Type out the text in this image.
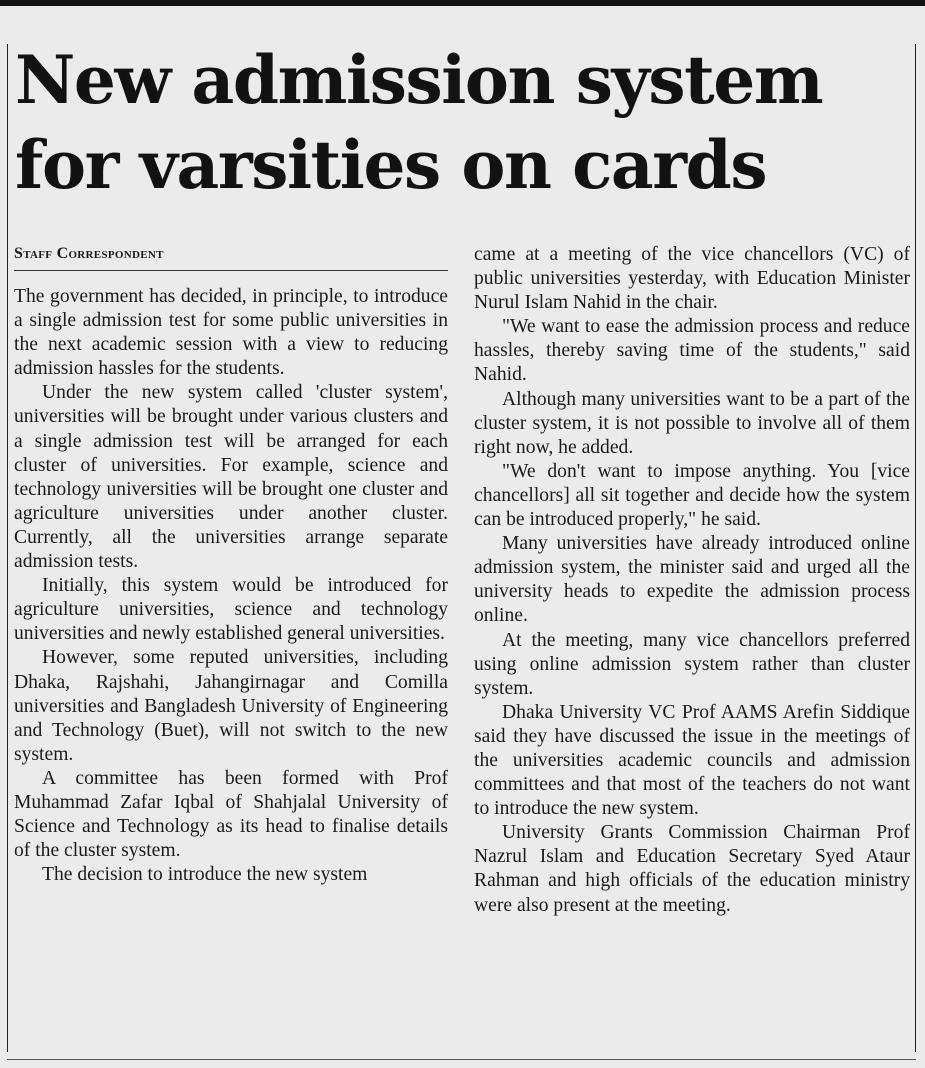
New admission system for varsities on cards
Staff Correspondent

The government has decided, in principle, to introduce a single admission test for some public universities in the next academic session with a view to reducing admission hassles for the students.

Under the new system called 'cluster system', universities will be brought under various clusters and a single admission test will be arranged for each cluster of universities. For example, science and technology universities will be brought one cluster and agriculture universities under another cluster. Currently, all the universities arrange separate admission tests.

Initially, this system would be introduced for agriculture universities, science and technology universities and newly established general universities.

However, some reputed universities, including Dhaka, Rajshahi, Jahangirnagar and Comilla universities and Bangladesh University of Engineering and Technology (Buet), will not switch to the new system.

A committee has been formed with Prof Muhammad Zafar Iqbal of Shahjalal University of Science and Technology as its head to finalise details of the cluster system.

The decision to introduce the new system

came at a meeting of the vice chancellors (VC) of public universities yesterday, with Education Minister Nurul Islam Nahid in the chair.

"We want to ease the admission process and reduce hassles, thereby saving time of the students," said Nahid.

Although many universities want to be a part of the cluster system, it is not possible to involve all of them right now, he added.

"We don't want to impose anything. You [vice chancellors] all sit together and decide how the system can be introduced properly," he said.

Many universities have already introduced online admission system, the minister said and urged all the university heads to expedite the admission process online.

At the meeting, many vice chancellors preferred using online admission system rather than cluster system.

Dhaka University VC Prof AAMS Arefin Siddique said they have discussed the issue in the meetings of the universities academic councils and admission committees and that most of the teachers do not want to introduce the new system.

University Grants Commission Chairman Prof Nazrul Islam and Education Secretary Syed Ataur Rahman and high officials of the education ministry were also present at the meeting.
